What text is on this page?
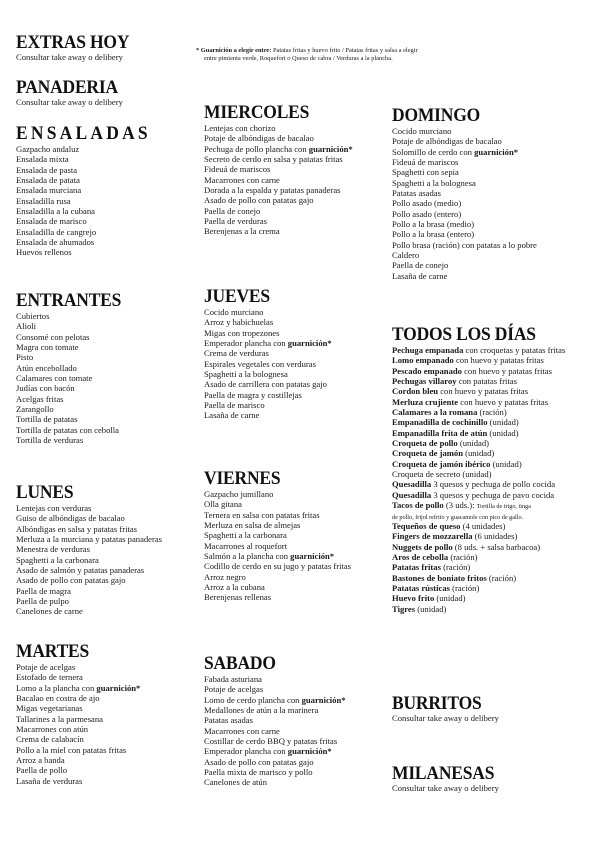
* Guarnición a elegir entre: Patatas fritas y huevo frito / Patatas fritas y salsa a elegir
entre pimienta verde, Roquefort o Queso de cabra / Verduras a la plancha.
EXTRAS HOY
Consultar take away o delibery
PANADERIA
Consultar take away o delibery
ENSALADAS
Gazpacho andaluz
Ensalada mixta
Ensalada de pasta
Ensalada de patata
Ensalada murciana
Ensaladilla rusa
Ensaladilla a la cubana
Ensalada de marisco
Ensaladilla de cangrejo
Ensalada de ahumados
Huevos rellenos
ENTRANTES
Cubiertos
Alioli
Consomé con pelotas
Magra con tomate
Pisto
Atún encebollado
Calamares con tomate
Judías con bacón
Acelgas fritas
Zarangollo
Tortilla de patatas
Tortilla de patatas con cebolla
Tortilla de verduras
LUNES
Lentejas con verduras
Guiso de albóndigas de bacalao
Albóndigas en salsa y patatas fritas
Merluza a la murciana y patatas panaderas
Menestra de verduras
Spaghetti a la carbonara
Asado de salmón y patatas panaderas
Asado de pollo con patatas gajo
Paella de magra
Paella de pulpo
Canelones de carne
MARTES
Potaje de acelgas
Estofado de ternera
Lomo a la plancha con guarnición*
Bacalao en costra de ajo
Migas vegetarianas
Tallarines a la parmesana
Macarrones con atún
Crema de calabacín
Pollo a la miel con patatas fritas
Arroz a banda
Paella de pollo
Lasaña de verduras
MIERCOLES
Lentejas con chorizo
Potaje de albóndigas de bacalao
Pechuga de pollo plancha con guarnición*
Secreto de cerdo en salsa y patatas fritas
Fideuá de mariscos
Macarrones con carne
Dorada a la espalda y patatas panaderas
Asado de pollo con patatas gajo
Paella de conejo
Paella de verduras
Berenjenas a la crema
JUEVES
Cocido murciano
Arroz y habichuelas
Migas con tropezones
Emperador plancha con guarnición*
Crema de verduras
Espirales vegetales con verduras
Spaghetti a la bolognesa
Asado de carrillera con patatas gajo
Paella de magra y costillejas
Paella de marisco
Lasaña de carne
VIERNES
Gazpacho jumillano
Olla gitana
Ternera en salsa con patatas fritas
Merluza en salsa de almejas
Spaghetti a la carbonara
Macarrones al roquefort
Salmón a la plancha con guarnición*
Codillo de cerdo en su jugo y patatas fritas
Arroz negro
Arroz a la cubana
Berenjenas rellenas
SABADO
Fabada asturiana
Potaje de acelgas
Lomo de cerdo plancha con guarnición*
Medallones de atún a la marinera
Patatas asadas
Macarrones con carne
Costillar de cerdo BBQ y patatas fritas
Emperador plancha con guarnición*
Asado de pollo con patatas gajo
Paella mixta de marisco y pollo
Canelones de atún
DOMINGO
Cocido murciano
Potaje de albóndigas de bacalao
Solomillo de cerdo con guarnición*
Fideuá de mariscos
Spaghetti con sepia
Spaghetti a la bolognesa
Patatas asadas
Pollo asado (medio)
Pollo asado (entero)
Pollo a la brasa (medio)
Pollo a la brasa (entero)
Pollo brasa (ración) con patatas a lo pobre
Caldero
Paella de conejo
Lasaña de carne
TODOS LOS DÍAS
Pechuga empanada con croquetas y patatas fritas
Lomo empanado con huevo y patatas fritas
Pescado empanado con huevo y patatas fritas
Pechugas villaroy con patatas fritas
Cordon bleu con huevo y patatas fritas
Merluza crujiente con huevo y patatas fritas
Calamares a la romana (ración)
Empanadilla de cochinillo (unidad)
Empanadilla frita de atún (unidad)
Croqueta de pollo (unidad)
Croqueta de jamón (unidad)
Croqueta de jamón ibérico (unidad)
Croqueta de secreto (unidad)
Quesadilla 3 quesos y pechuga de pollo cocida
Quesadilla 3 quesos y pechuga de pavo cocida
Tacos de pollo (3 uds.): Tortilla de trigo, tinga
de pollo, frijol refrito y guacamole con pico de gallo.
Tequeños de queso (4 unidades)
Fingers de mozzarella (6 unidades)
Nuggets de pollo (8 uds. + salsa barbacoa)
Aros de cebolla (ración)
Patatas fritas (ración)
Bastones de boniato fritos (ración)
Patatas rústicas (ración)
Huevo frito (unidad)
Tigres (unidad)
BURRITOS
Consultar take away o delibery
MILANESAS
Consultar take away o delibery
